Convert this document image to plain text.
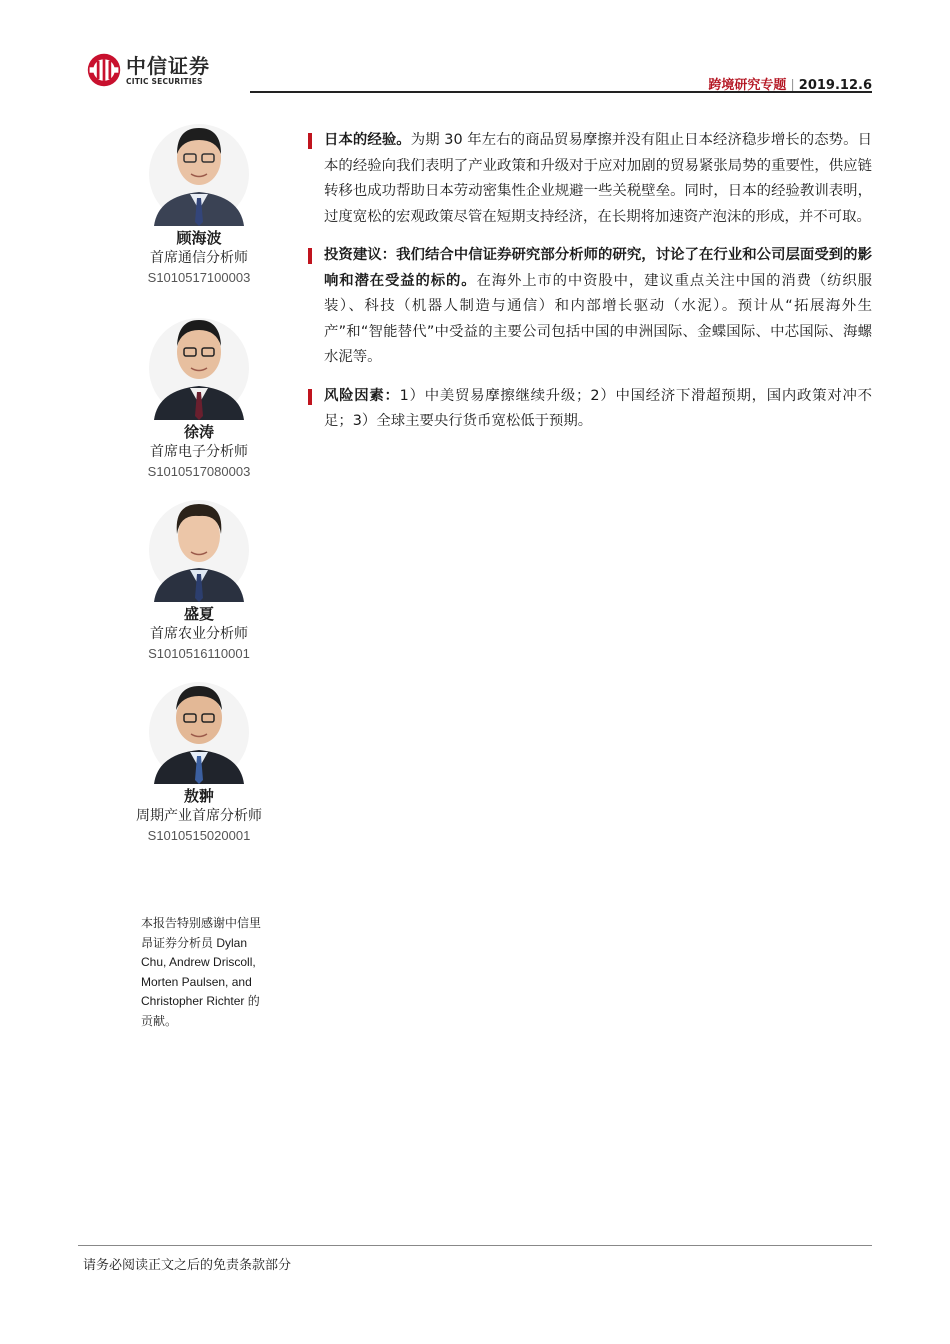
中信证券
CITIC SECURITIES	跨境研究专题 | 2019.12.6
顾海波
首席通信分析师
S1010517100003
徐涛
首席电子分析师
S1010517080003
盛夏
首席农业分析师
S1010516110001
敖翀
周期产业首席分析师
S1010515020001
本报告特别感谢中信里昂证券分析员 Dylan Chu, Andrew Driscoll, Morten Paulsen, and Christopher Richter 的贡献。
日本的经验。为期 30 年左右的商品贸易摩擦并没有阻止日本经济稳步增长的态势。日本的经验向我们表明了产业政策和升级对于应对加剧的贸易紧张局势的重要性，供应链转移也成功帮助日本劳动密集性企业规避一些关税壁垒。同时，日本的经验教训表明，过度宽松的宏观政策尽管在短期支持经济，在长期将加速资产泡沫的形成，并不可取。
投资建议：我们结合中信证券研究部分析师的研究，讨论了在行业和公司层面受到的影响和潜在受益的标的。在海外上市的中资股中，建议重点关注中国的消费（纺织服装）、科技（机器人制造与通信）和内部增长驱动（水泥）。预计从“拓展海外生产”和“智能替代”中受益的主要公司包括中国的申洲国际、金蝶国际、中芯国际、海螺水泥等。
风险因素：1）中美贸易摩擦继续升级；2）中国经济下滑超预期，国内政策对冲不足；3）全球主要央行货币宽松低于预期。
请务必阅读正文之后的免责条款部分
